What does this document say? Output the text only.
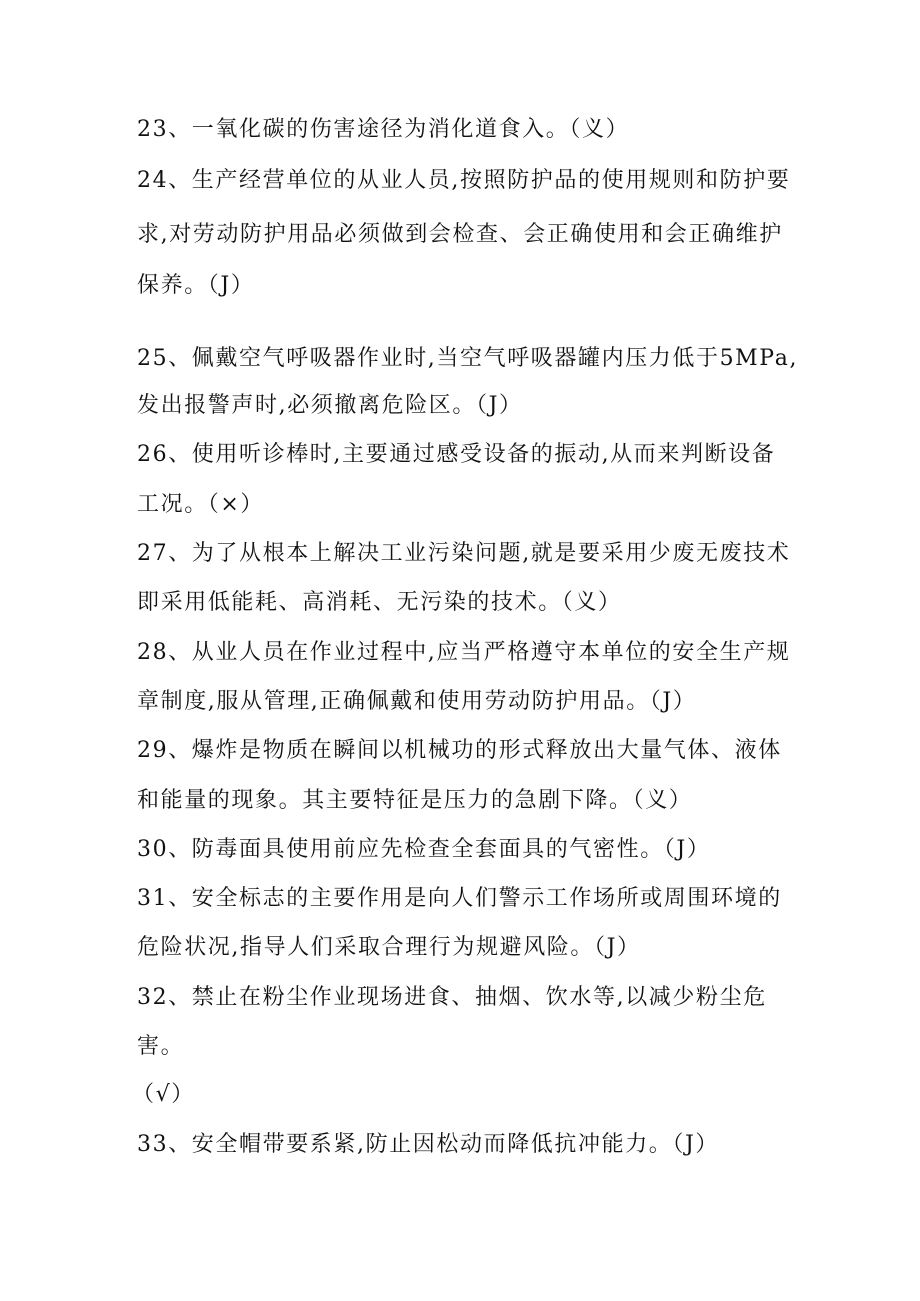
23、一氧化碳的伤害途径为消化道食入。（义）
24、生产经营单位的从业人员,按照防护品的使用规则和防护要
求,对劳动防护用品必须做到会检查、会正确使用和会正确维护
保养。（J）
25、佩戴空气呼吸器作业时,当空气呼吸器罐内压力低于5MPa,
发出报警声时,必须撤离危险区。（J）
26、使用听诊棒时,主要通过感受设备的振动,从而来判断设备
工况。（×）
27、为了从根本上解决工业污染问题,就是要采用少废无废技术
即采用低能耗、高消耗、无污染的技术。（义）
28、从业人员在作业过程中,应当严格遵守本单位的安全生产规
章制度,服从管理,正确佩戴和使用劳动防护用品。（J）
29、爆炸是物质在瞬间以机械功的形式释放出大量气体、液体
和能量的现象。其主要特征是压力的急剧下降。（义）
30、防毒面具使用前应先检查全套面具的气密性。（J）
31、安全标志的主要作用是向人们警示工作场所或周围环境的
危险状况,指导人们采取合理行为规避风险。（J）
32、禁止在粉尘作业现场进食、抽烟、饮水等,以减少粉尘危
害。
（√）
33、安全帽带要系紧,防止因松动而降低抗冲能力。（J）
